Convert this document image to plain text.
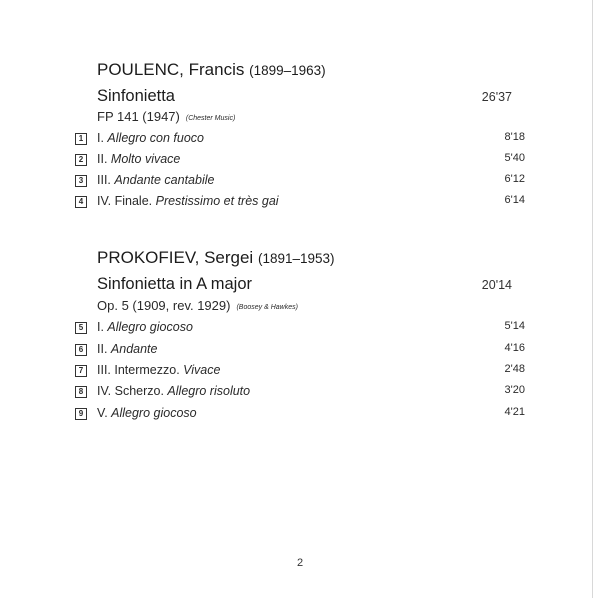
POULENC, Francis (1899–1963)
Sinfonietta	26'37
FP 141 (1947) (Chester Music)
1	I. Allegro con fuoco	8'18
2	II. Molto vivace	5'40
3	III. Andante cantabile	6'12
4	IV. Finale. Prestissimo et très gai	6'14
PROKOFIEV, Sergei (1891–1953)
Sinfonietta in A major	20'14
Op. 5 (1909, rev. 1929) (Boosey & Hawkes)
5	I. Allegro giocoso	5'14
6	II. Andante	4'16
7	III. Intermezzo. Vivace	2'48
8	IV. Scherzo. Allegro risoluto	3'20
9	V. Allegro giocoso	4'21
2
